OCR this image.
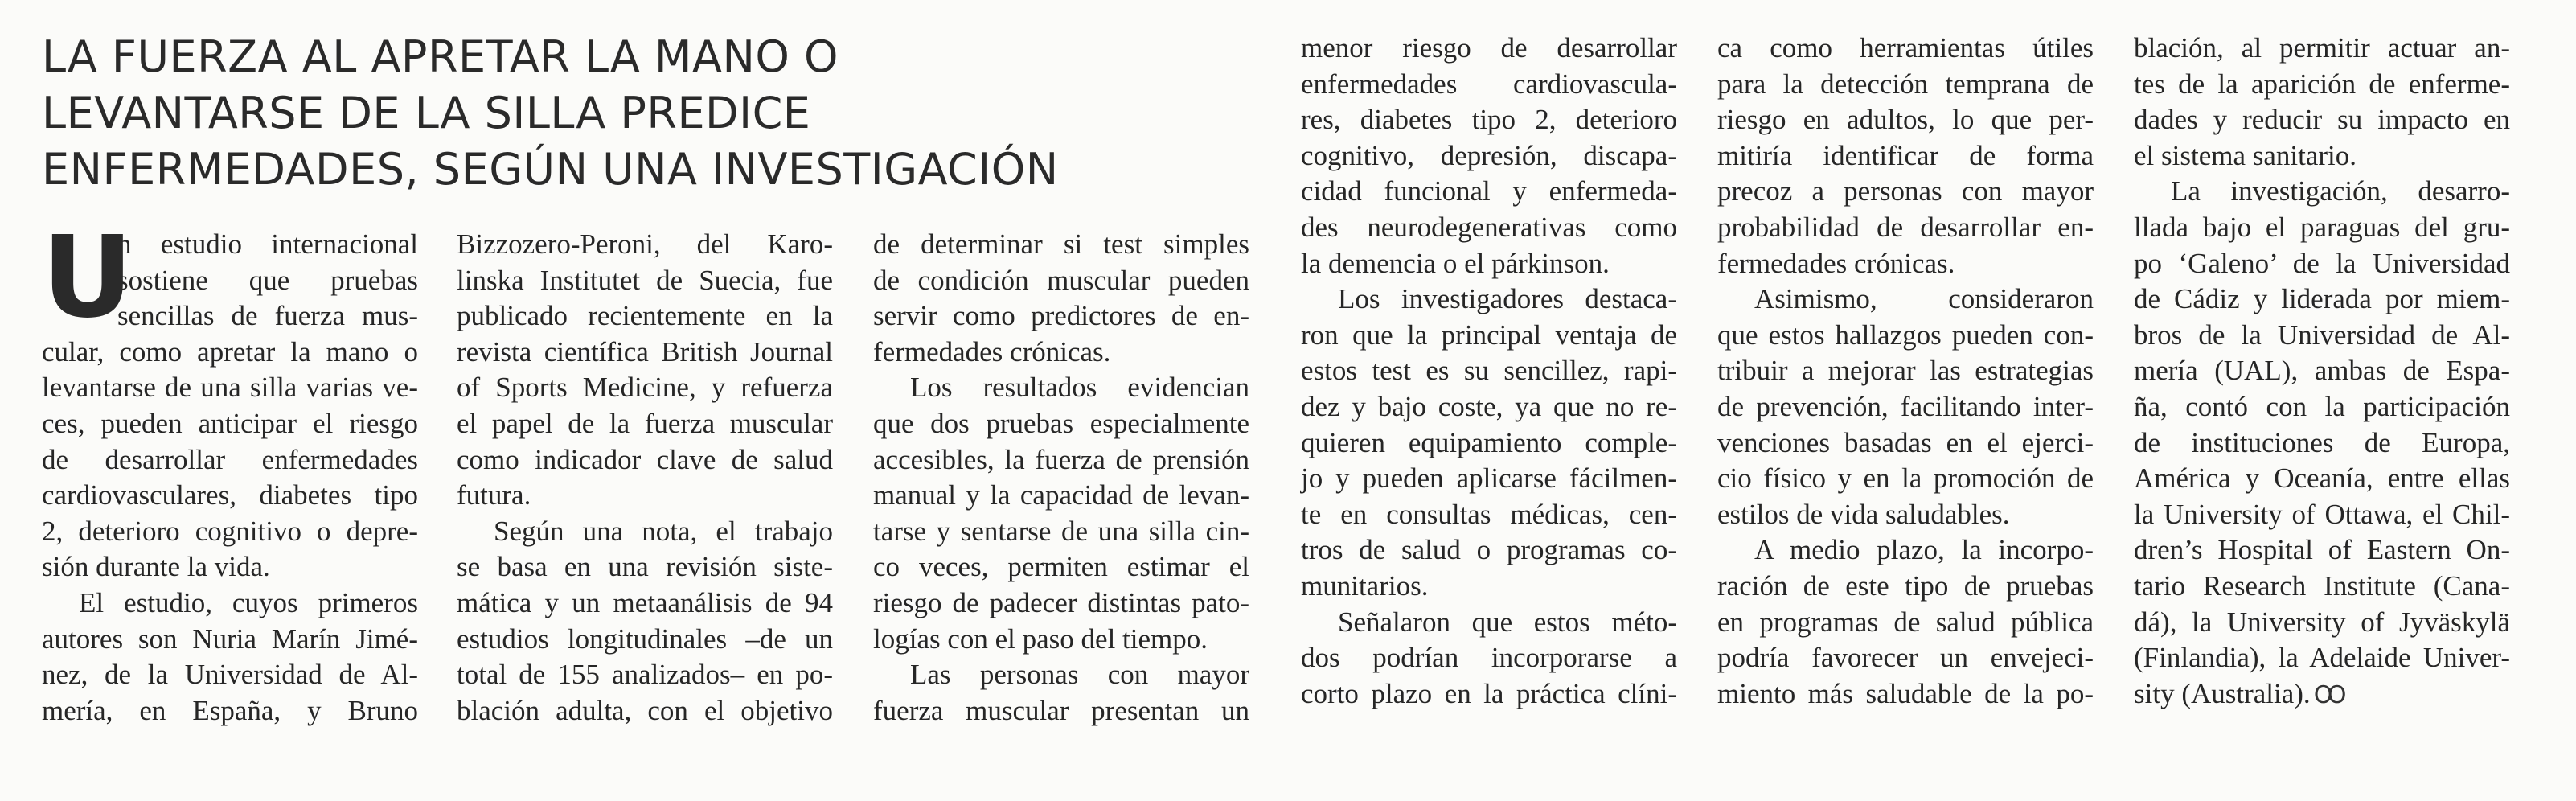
LA FUERZA AL APRETAR LA MANO O
LEVANTARSE DE LA SILLA PREDICE
ENFERMEDADES, SEGÚN UNA INVESTIGACIÓN
U
n estudio internacional
sostiene que pruebas
sencillas de fuerza mus-
cular, como apretar la mano o
levantarse de una silla varias ve-
ces, pueden anticipar el riesgo
de desarrollar enfermedades
cardiovasculares, diabetes tipo
2, deterioro cognitivo o depre-
sión durante la vida.
El estudio, cuyos primeros
autores son Nuria Marín Jimé-
nez, de la Universidad de Al-
mería, en España, y Bruno
Bizzozero-Peroni, del Karo-
linska Institutet de Suecia, fue
publicado recientemente en la
revista científica British Journal
of Sports Medicine, y refuerza
el papel de la fuerza muscular
como indicador clave de salud
futura.
Según una nota, el trabajo
se basa en una revisión siste-
mática y un metaanálisis de 94
estudios longitudinales –de un
total de 155 analizados– en po-
blación adulta, con el objetivo
de determinar si test simples
de condición muscular pueden
servir como predictores de en-
fermedades crónicas.
Los resultados evidencian
que dos pruebas especialmente
accesibles, la fuerza de prensión
manual y la capacidad de levan-
tarse y sentarse de una silla cin-
co veces, permiten estimar el
riesgo de padecer distintas pato-
logías con el paso del tiempo.
Las personas con mayor
fuerza muscular presentan un
menor riesgo de desarrollar
enfermedades cardiovascula-
res, diabetes tipo 2, deterioro
cognitivo, depresión, discapa-
cidad funcional y enfermeda-
des neurodegenerativas como
la demencia o el párkinson.
Los investigadores destaca-
ron que la principal ventaja de
estos test es su sencillez, rapi-
dez y bajo coste, ya que no re-
quieren equipamiento comple-
jo y pueden aplicarse fácilmen-
te en consultas médicas, cen-
tros de salud o programas co-
munitarios.
Señalaron que estos méto-
dos podrían incorporarse a
corto plazo en la práctica clíni-
ca como herramientas útiles
para la detección temprana de
riesgo en adultos, lo que per-
mitiría identificar de forma
precoz a personas con mayor
probabilidad de desarrollar en-
fermedades crónicas.
Asimismo, consideraron
que estos hallazgos pueden con-
tribuir a mejorar las estrategias
de prevención, facilitando inter-
venciones basadas en el ejerci-
cio físico y en la promoción de
estilos de vida saludables.
A medio plazo, la incorpo-
ración de este tipo de pruebas
en programas de salud pública
podría favorecer un envejeci-
miento más saludable de la po-
blación, al permitir actuar an-
tes de la aparición de enferme-
dades y reducir su impacto en
el sistema sanitario.
La investigación, desarro-
llada bajo el paraguas del gru-
po ‘Galeno’ de la Universidad
de Cádiz y liderada por miem-
bros de la Universidad de Al-
mería (UAL), ambas de Espa-
ña, contó con la participación
de instituciones de Europa,
América y Oceanía, entre ellas
la University of Ottawa, el Chil-
dren’s Hospital of Eastern On-
tario Research Institute (Cana-
dá), la University of Jyväskylä
(Finlandia), la Adelaide Univer-
sity (Australia). Ꝏ
